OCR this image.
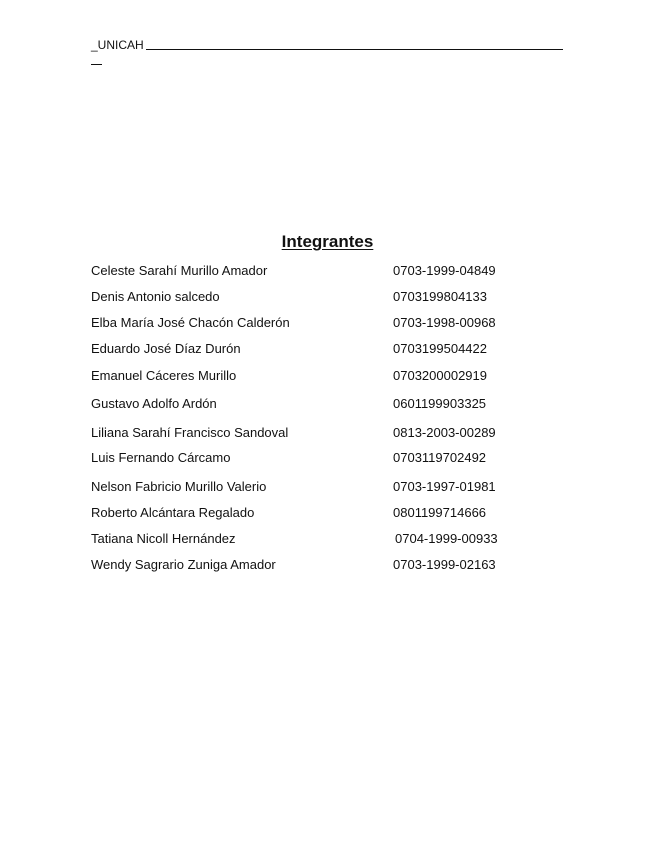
_UNICAH
Integrantes
Celeste Sarahí Murillo Amador	0703-1999-04849
Denis Antonio salcedo	0703199804133
Elba María José Chacón Calderón	0703-1998-00968
Eduardo José Díaz Durón	0703199504422
Emanuel Cáceres Murillo	0703200002919
Gustavo Adolfo Ardón	0601199903325
Liliana Sarahí Francisco Sandoval	0813-2003-00289
Luis Fernando Cárcamo	0703119702492
Nelson Fabricio Murillo Valerio	0703-1997-01981
Roberto Alcántara Regalado	0801199714666
Tatiana Nicoll Hernández	0704-1999-00933
Wendy Sagrario Zuniga Amador	0703-1999-02163
